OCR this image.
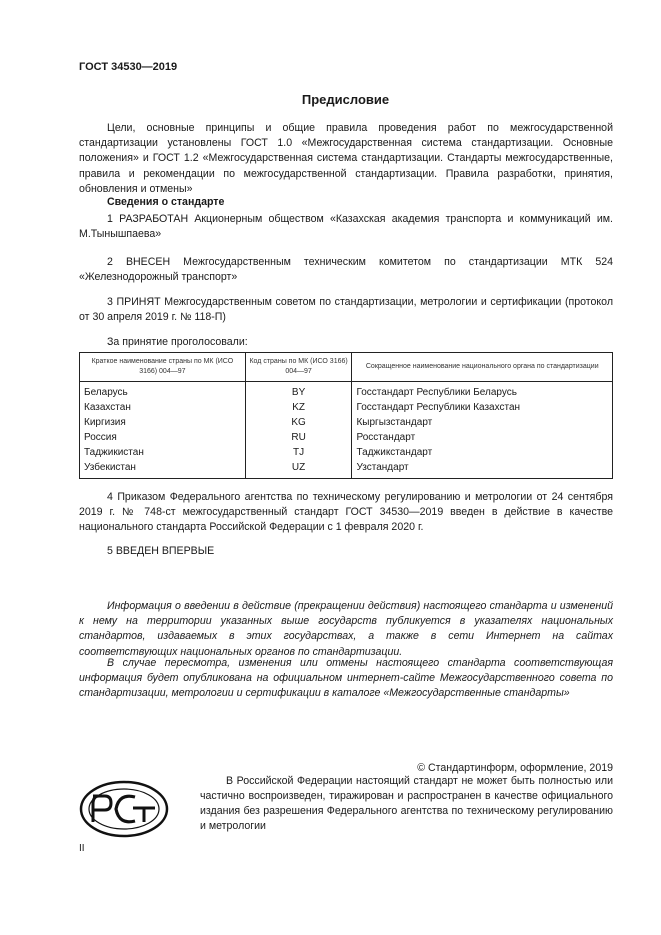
ГОСТ 34530—2019
Предисловие
Цели, основные принципы и общие правила проведения работ по межгосударственной стандартизации установлены ГОСТ 1.0 «Межгосударственная система стандартизации. Основные положения» и ГОСТ 1.2 «Межгосударственная система стандартизации. Стандарты межгосударственные, правила и рекомендации по межгосударственной стандартизации. Правила разработки, принятия, обновления и отмены»
Сведения о стандарте
1 РАЗРАБОТАН Акционерным обществом «Казахская академия транспорта и коммуникаций им. М.Тынышпаева»
2 ВНЕСЕН Межгосударственным техническим комитетом по стандартизации МТК 524 «Железнодорожный транспорт»
3 ПРИНЯТ Межгосударственным советом по стандартизации, метрологии и сертификации (протокол от 30 апреля 2019 г. № 118-П)
За принятие проголосовали:
Краткое наименование страны по МК (ИСО 3166) 004—97	Код страны по МК (ИСО 3166) 004—97	Сокращенное наименование национального органа по стандартизации
Беларусь	BY	Госстандарт Республики Беларусь
Казахстан	KZ	Госстандарт Республики Казахстан
Киргизия	KG	Кыргызстандарт
Россия	RU	Росстандарт
Таджикистан	TJ	Таджикстандарт
Узбекистан	UZ	Узстандарт
4 Приказом Федерального агентства по техническому регулированию и метрологии от 24 сентября 2019 г. № 748-ст межгосударственный стандарт ГОСТ 34530—2019 введен в действие в качестве национального стандарта Российской Федерации с 1 февраля 2020 г.
5 ВВЕДЕН ВПЕРВЫЕ
Информация о введении в действие (прекращении действия) настоящего стандарта и изменений к нему на территории указанных выше государств публикуется в указателях национальных стандартов, издаваемых в этих государствах, а также в сети Интернет на сайтах соответствующих национальных органов по стандартизации.
В случае пересмотра, изменения или отмены настоящего стандарта соответствующая информация будет опубликована на официальном интернет-сайте Межгосударственного совета по стандартизации, метрологии и сертификации в каталоге «Межгосударственные стандарты»
© Стандартинформ, оформление, 2019
В Российской Федерации настоящий стандарт не может быть полностью или частично воспроизведен, тиражирован и распространен в качестве официального издания без разрешения Федерального агентства по техническому регулированию и метрологии
II
